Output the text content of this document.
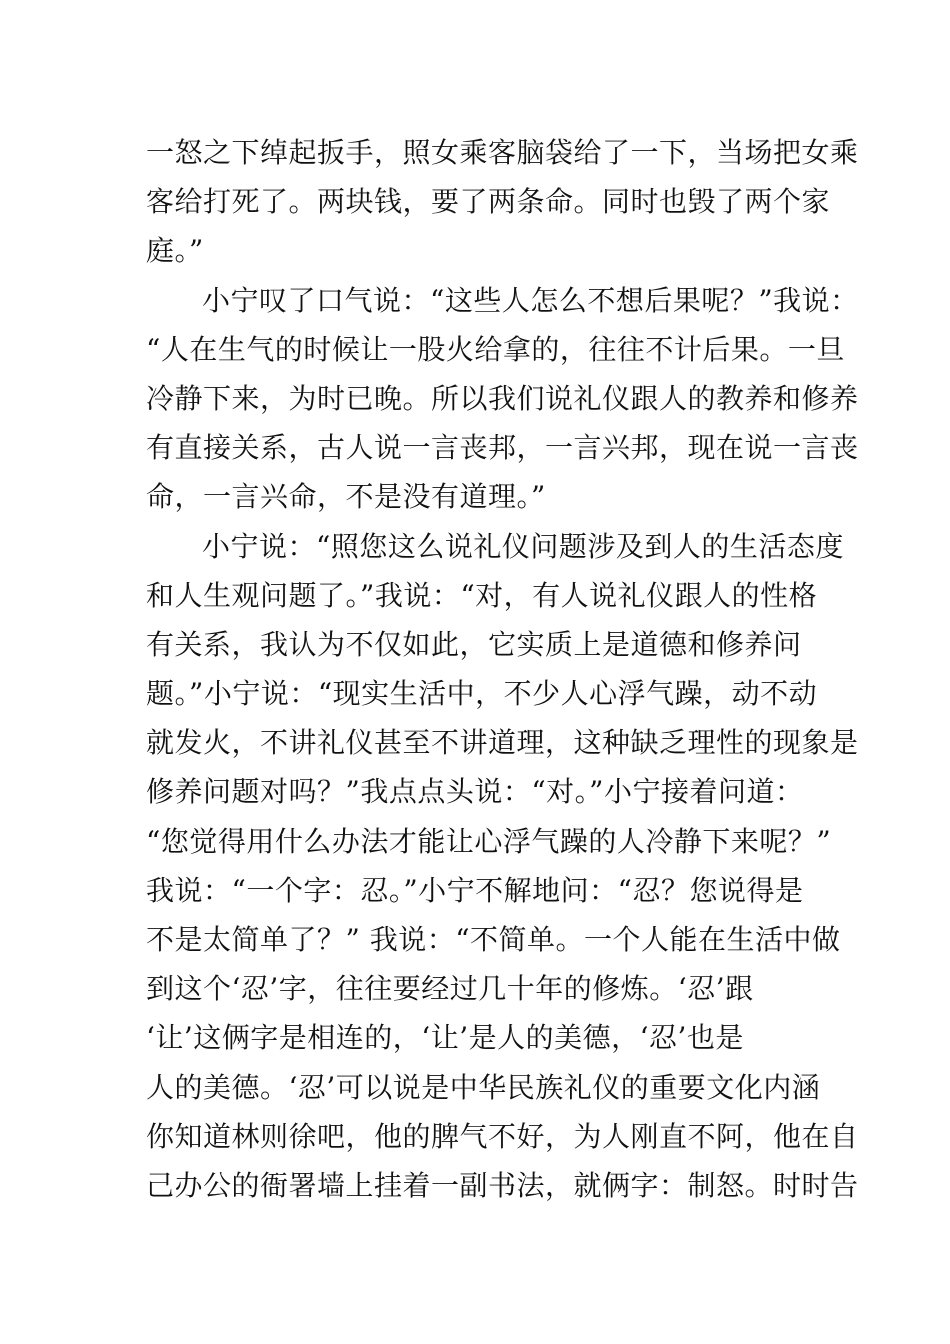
一怒之下绰起扳手，照女乘客脑袋给了一下，当场把女乘
客给打死了。两块钱，要了两条命。同时也毁了两个家
庭。”
小宁叹了口气说：“这些人怎么不想后果呢？”我说：
“人在生气的时候让一股火给拿的，往往不计后果。一旦
冷静下来，为时已晚。所以我们说礼仪跟人的教养和修养
有直接关系，古人说一言丧邦，一言兴邦，现在说一言丧
命，一言兴命，不是没有道理。”
小宁说：“照您这么说礼仪问题涉及到人的生活态度
和人生观问题了。”我说：“对，有人说礼仪跟人的性格
有关系，我认为不仅如此，它实质上是道德和修养问
题。”小宁说：“现实生活中，不少人心浮气躁，动不动
就发火，不讲礼仪甚至不讲道理，这种缺乏理性的现象是
修养问题对吗？”我点点头说：“对。”小宁接着问道：
“您觉得用什么办法才能让心浮气躁的人冷静下来呢？”
我说：“一个字：忍。”小宁不解地问：“忍？您说得是
不是太简单了？” 我说：“不简单。一个人能在生活中做
到这个‘忍’字，往往要经过几十年的修炼。‘忍’跟
‘让’这俩字是相连的，‘让’是人的美德，‘忍’也是
人的美德。‘忍’可以说是中华民族礼仪的重要文化内涵
你知道林则徐吧，他的脾气不好，为人刚直不阿，他在自
己办公的衙署墙上挂着一副书法，就俩字：制怒。时时告
